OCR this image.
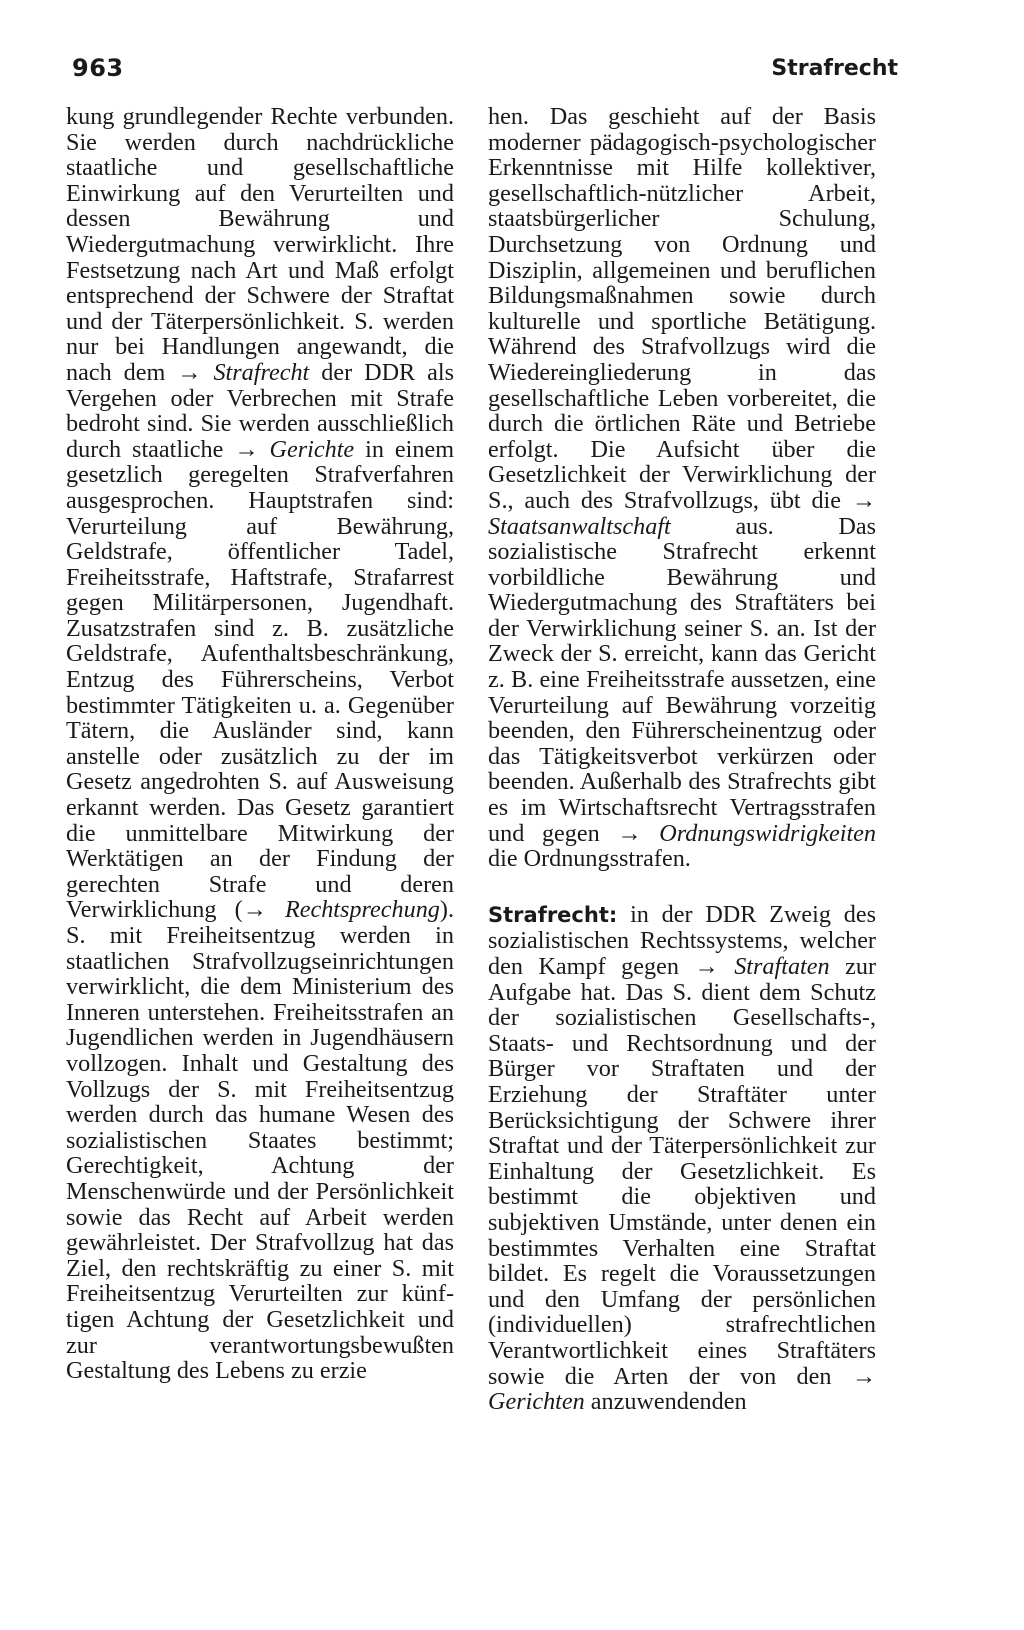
963	Strafrecht

kung grundlegender Rechte verbunden. Sie werden durch nachdrückliche staatliche und gesellschaftliche Einwirkung auf den Verurteilten und dessen Bewährung und Wiedergutmachung verwirklicht. Ihre Festsetzung nach Art und Maß erfolgt entsprechend der Schwere der Straftat und der Täterpersönlichkeit. S. werden nur bei Handlungen angewandt, die nach dem → Strafrecht der DDR als Vergehen oder Verbrechen mit Strafe bedroht sind. Sie werden ausschließlich durch staatliche → Gerichte in einem gesetzlich geregelten Strafverfahren ausgesprochen. Hauptstrafen sind: Verurteilung auf Bewährung, Geldstrafe, öffentlicher Tadel, Freiheitsstrafe, Haftstrafe, Strafarrest gegen Militärpersonen, Jugendhaft. Zusatzstrafen sind z. B. zusätzliche Geldstrafe, Aufenthaltsbeschränkung, Entzug des Führerscheins, Verbot bestimmter Tätigkeiten u. a. Gegenüber Tätern, die Ausländer sind, kann anstelle oder zusätzlich zu der im Gesetz angedrohten S. auf Ausweisung erkannt werden. Das Gesetz garantiert die unmittelbare Mitwirkung der Werktätigen an der Findung der gerechten Strafe und deren Verwirklichung (→ Rechtsprechung). S. mit Freiheitsentzug werden in staatlichen Strafvollzugseinrichtungen verwirklicht, die dem Ministerium des Inneren unterstehen. Freiheitsstrafen an Jugendlichen werden in Jugendhäusern vollzogen. Inhalt und Gestaltung des Vollzugs der S. mit Freiheitsentzug werden durch das humane Wesen des sozialistischen Staates bestimmt; Gerechtigkeit, Achtung der Menschenwürde und der Persönlichkeit sowie das Recht auf Arbeit werden gewährleistet. Der Strafvollzug hat das Ziel, den rechtskräftig zu einer S. mit Freiheitsentzug Verurteilten zur künftigen Achtung der Gesetzlichkeit und zur verantwortungsbewußten Gestaltung des Lebens zu erzie

hen. Das geschieht auf der Basis moderner pädagogisch-psychologischer Erkenntnisse mit Hilfe kollektiver, gesellschaftlich-nützlicher Arbeit, staatsbürgerlicher Schulung, Durchsetzung von Ordnung und Disziplin, allgemeinen und beruflichen Bildungsmaßnahmen sowie durch kulturelle und sportliche Betätigung. Während des Strafvollzugs wird die Wiedereingliederung in das gesellschaftliche Leben vorbereitet, die durch die örtlichen Räte und Betriebe erfolgt. Die Aufsicht über die Gesetzlichkeit der Verwirklichung der S., auch des Strafvollzugs, übt die → Staatsanwaltschaft	aus. Das sozialistische Strafrecht erkennt vorbildliche Bewährung und Wiedergutmachung des Straftäters bei der Verwirklichung seiner S. an. Ist der Zweck der S. erreicht, kann das Gericht z. B. eine Freiheitsstrafe aussetzen, eine Verurteilung auf Bewährung vorzeitig beenden, den Führerscheinentzug oder das Tätigkeitsverbot verkürzen oder beenden. Außerhalb des Strafrechts gibt es im Wirtschaftsrecht Vertragsstrafen und gegen → Ordnungswidrigkeiten die Ordnungsstrafen.

Strafrecht: in der DDR Zweig des sozialistischen Rechtssystems, welcher den Kampf gegen → Straftaten zur Aufgabe hat. Das S. dient dem Schutz der sozialistischen Gesellschafts-, Staats- und Rechtsordnung und der Bürger vor Straftaten und der Erziehung der Straftäter unter Berücksichtigung der Schwere ihrer Straftat und der Täterpersönlichkeit zur Einhaltung der Gesetzlichkeit. Es bestimmt die objektiven und subjektiven Umstände, unter denen ein bestimmtes Verhalten eine Straftat bildet. Es regelt die Voraussetzungen und den Umfang der persönlichen (individuellen) strafrechtlichen Verantwortlichkeit eines Straftäters sowie die Arten der von den → Gerichten anzuwendenden
